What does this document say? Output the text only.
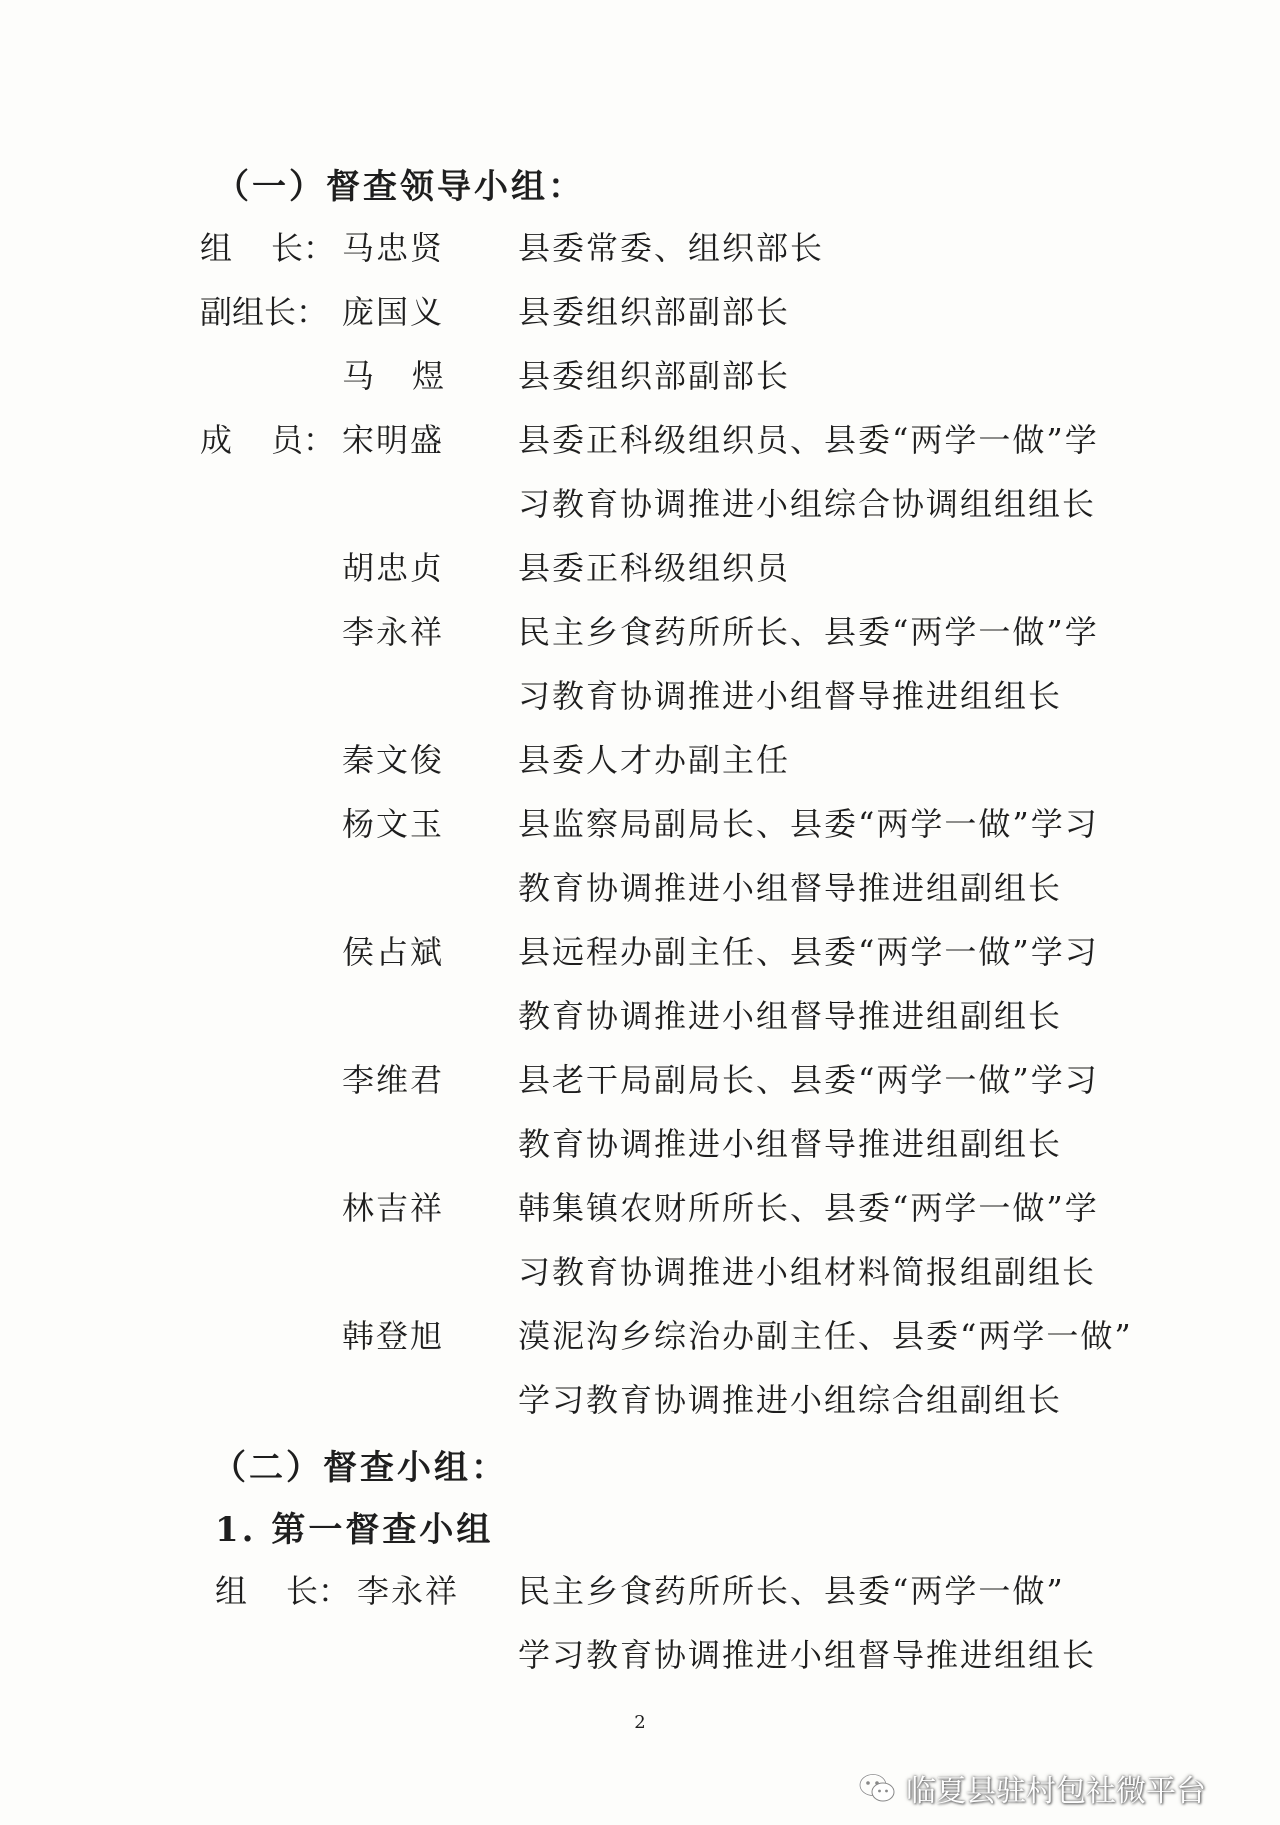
（一）督查领导小组：
组 长： 马忠贤 县委常委、组织部长
副组长： 庞国义 县委组织部副部长
马 煜 县委组织部副部长
成 员： 宋明盛 县委正科级组织员、县委“两学一做”学
习教育协调推进小组综合协调组组组长
胡忠贞 县委正科级组织员
李永祥 民主乡食药所所长、县委“两学一做”学
习教育协调推进小组督导推进组组长
秦文俊 县委人才办副主任
杨文玉 县监察局副局长、县委“两学一做”学习
教育协调推进小组督导推进组副组长
侯占斌 县远程办副主任、县委“两学一做”学习
教育协调推进小组督导推进组副组长
李维君 县老干局副局长、县委“两学一做”学习
教育协调推进小组督导推进组副组长
林吉祥 韩集镇农财所所长、县委“两学一做”学
习教育协调推进小组材料简报组副组长
韩登旭 漠泥沟乡综治办副主任、县委“两学一做”
学习教育协调推进小组综合组副组长
（二）督查小组：
1. 第一督查小组
组 长： 李永祥 民主乡食药所所长、县委“两学一做”
学习教育协调推进小组督导推进组组长
2
临夏县驻村包社微平台
